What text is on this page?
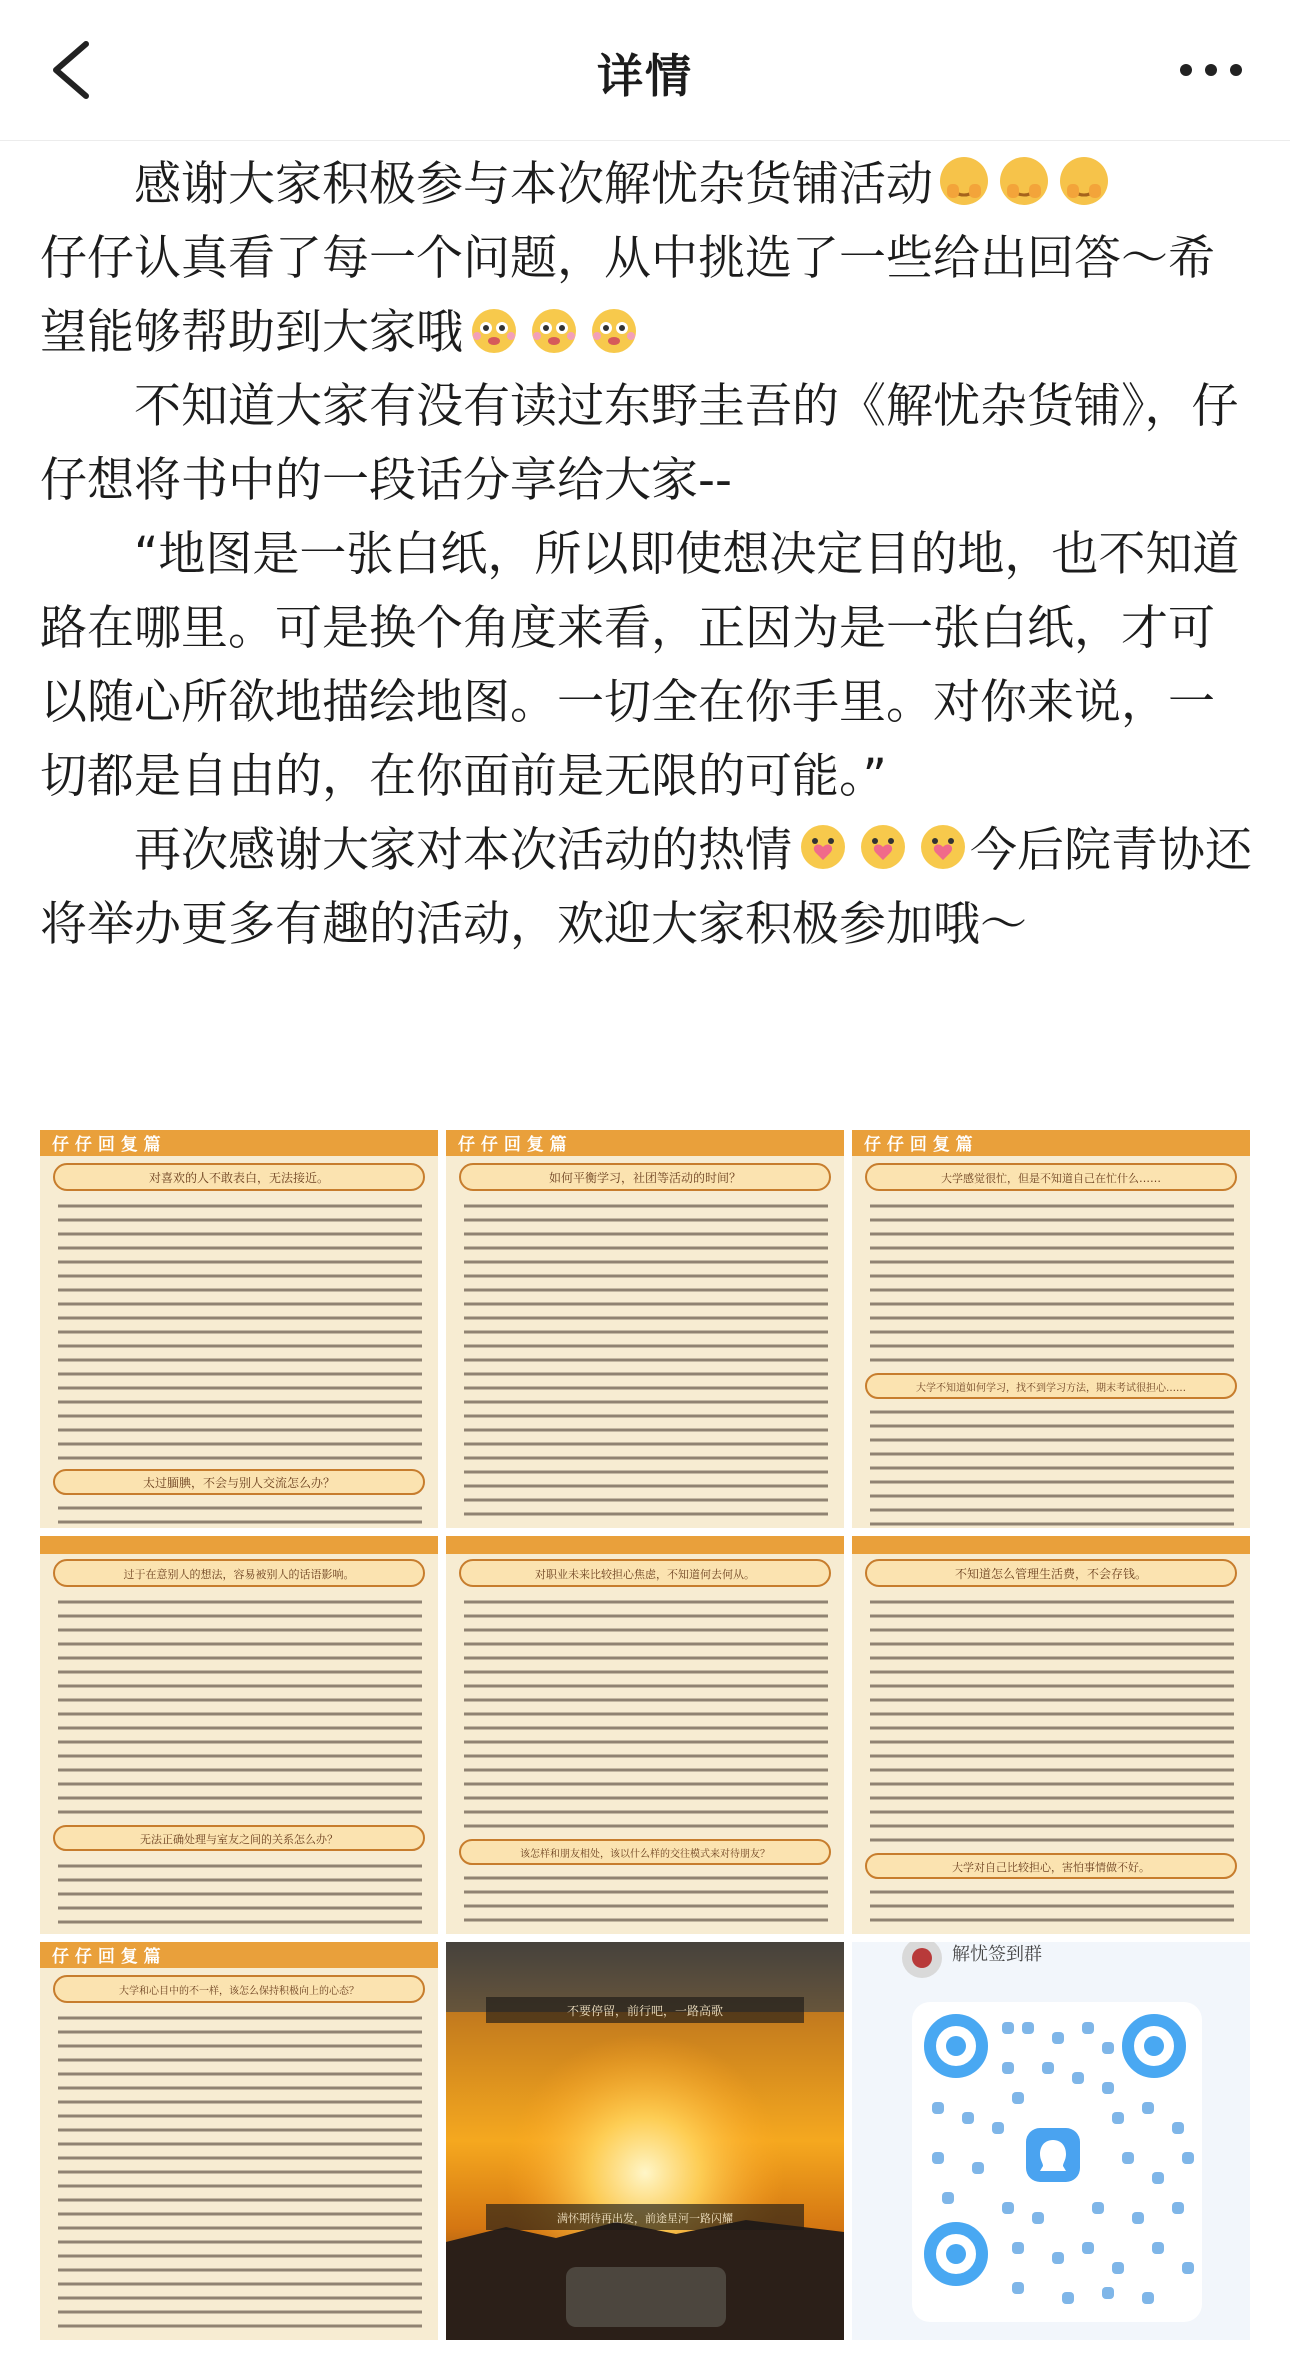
详情

感谢大家积极参与本次解忧杂货铺活动

仔仔认真看了每一个问题，从中挑选了一些给出回答～希望能够帮助到大家哦

不知道大家有没有读过东野圭吾的《解忧杂货铺》，仔仔想将书中的一段话分享给大家--

“地图是一张白纸，所以即使想决定目的地，也不知道路在哪里。可是换个角度来看，正因为是一张白纸，才可以随心所欲地描绘地图。一切全在你手里。对你来说，一切都是自由的，在你面前是无限的可能。”

再次感谢大家对本次活动的热情	今后院青协还将举办更多有趣的活动，欢迎大家积极参加哦～

仔 仔 回 复 篇
对喜欢的人不敢表白，无法接近。
太过腼腆，不会与别人交流怎么办？
仔 仔 回 复 篇
如何平衡学习，社团等活动的时间？
仔 仔 回 复 篇
大学感觉很忙，但是不知道自己在忙什么……
大学不知道如何学习，找不到学习方法，期末考试很担心……
过于在意别人的想法，容易被别人的话语影响。
无法正确处理与室友之间的关系怎么办？
对职业未来比较担心焦虑，不知道何去何从。
该怎样和朋友相处，该以什么样的交往模式来对待朋友？
不知道怎么管理生活费，不会存钱。
大学对自己比较担心，害怕事情做不好。
仔 仔 回 复 篇
大学和心目中的不一样，该怎么保持积极向上的心态？
不要停留，前行吧，一路高歌
满怀期待再出发，前途星河一路闪耀
解忧签到群
